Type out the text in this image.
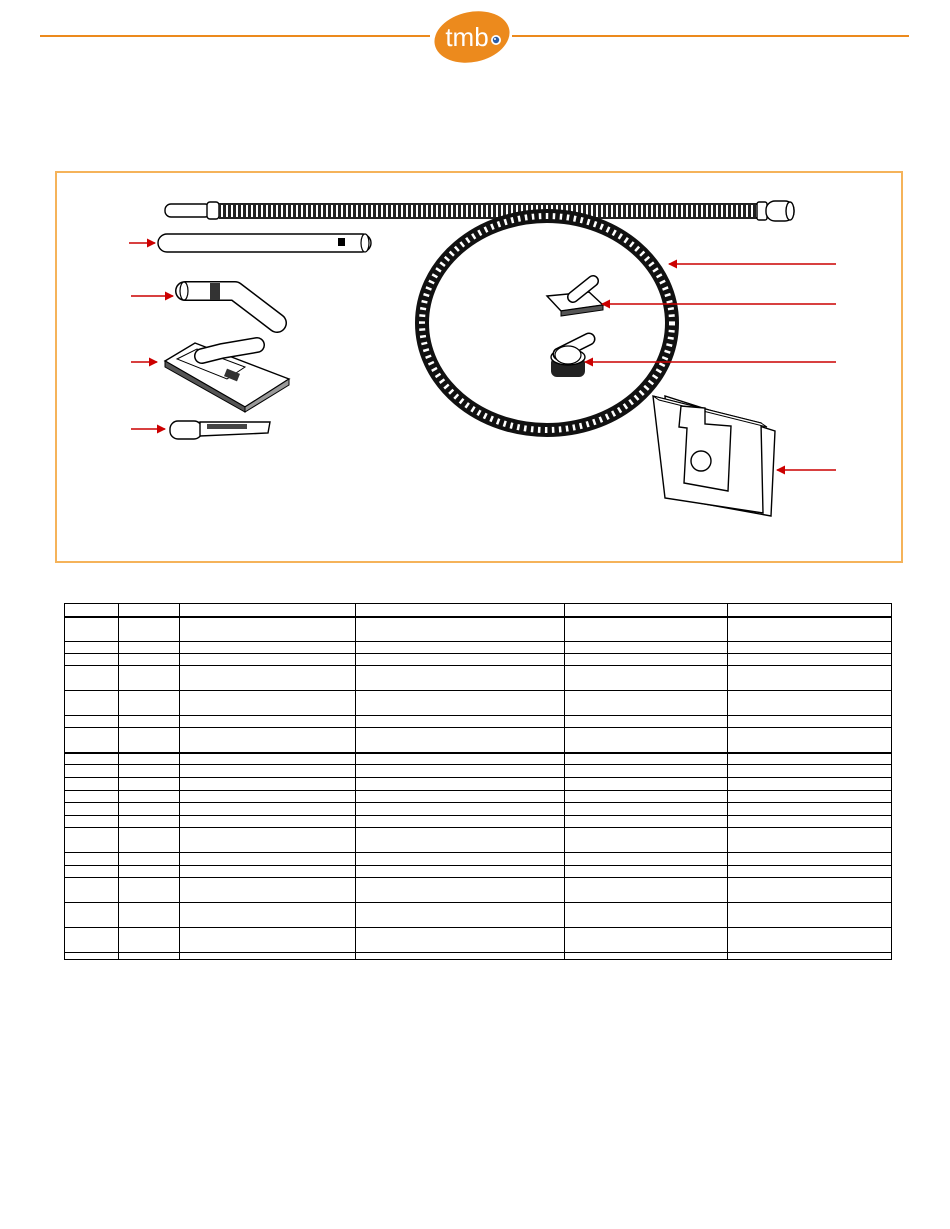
tmb
